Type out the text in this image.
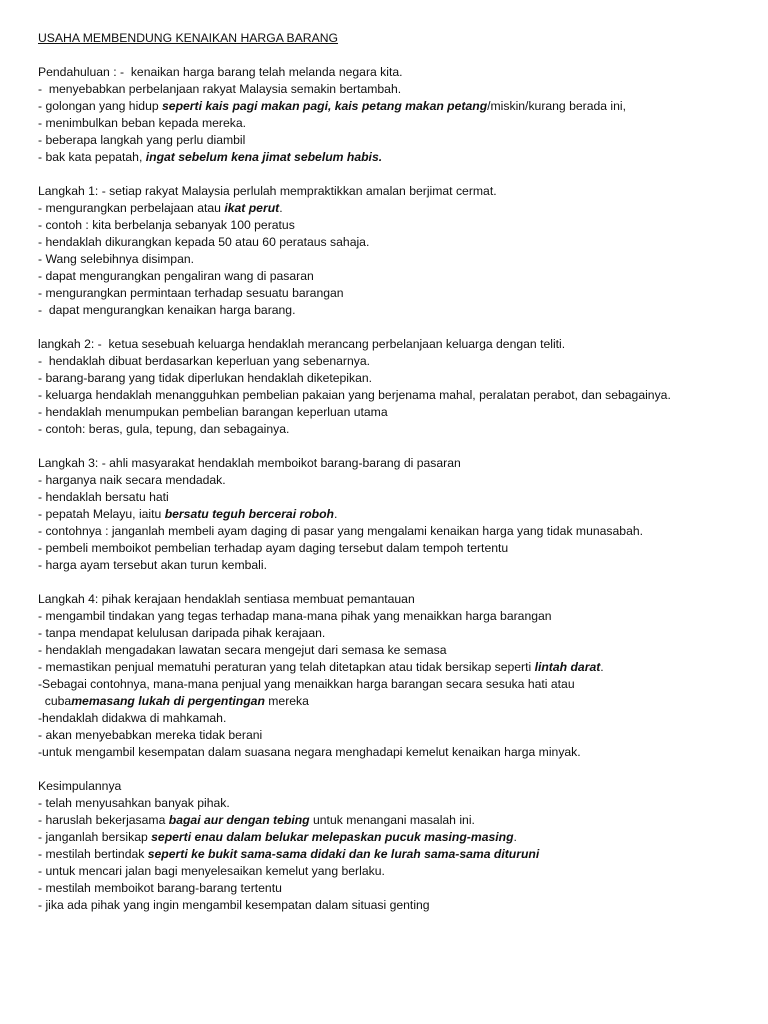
USAHA MEMBENDUNG KENAIKAN HARGA BARANG
Pendahuluan : -  kenaikan harga barang telah melanda negara kita.
-  menyebabkan perbelanjaan rakyat Malaysia semakin bertambah.
- golongan yang hidup seperti kais pagi makan pagi, kais petang makan petang/miskin/kurang berada ini,
- menimbulkan beban kepada mereka.
- beberapa langkah yang perlu diambil
- bak kata pepatah, ingat sebelum kena jimat sebelum habis.
Langkah 1: - setiap rakyat Malaysia perlulah mempraktikkan amalan berjimat cermat.
- mengurangkan perbelajaan atau ikat perut.
- contoh : kita berbelanja sebanyak 100 peratus
- hendaklah dikurangkan kepada 50 atau 60 perataus sahaja.
- Wang selebihnya disimpan.
- dapat mengurangkan pengaliran wang di pasaran
- mengurangkan permintaan terhadap sesuatu barangan
-  dapat mengurangkan kenaikan harga barang.
langkah 2: -  ketua sesebuah keluarga hendaklah merancang perbelanjaan keluarga dengan teliti.
-  hendaklah dibuat berdasarkan keperluan yang sebenarnya.
- barang-barang yang tidak diperlukan hendaklah diketepikan.
- keluarga hendaklah menangguhkan pembelian pakaian yang berjenama mahal, peralatan perabot, dan sebagainya.
- hendaklah menumpukan pembelian barangan keperluan utama
- contoh: beras, gula, tepung, dan sebagainya.
Langkah 3: - ahli masyarakat hendaklah memboikot barang-barang di pasaran
- harganya naik secara mendadak.
- hendaklah bersatu hati
- pepatah Melayu, iaitu bersatu teguh bercerai roboh.
- contohnya : janganlah membeli ayam daging di pasar yang mengalami kenaikan harga yang tidak munasabah.
- pembeli memboikot pembelian terhadap ayam daging tersebut dalam tempoh tertentu
- harga ayam tersebut akan turun kembali.
Langkah 4: pihak kerajaan hendaklah sentiasa membuat pemantauan
- mengambil tindakan yang tegas terhadap mana-mana pihak yang menaikkan harga barangan
- tanpa mendapat kelulusan daripada pihak kerajaan.
- hendaklah mengadakan lawatan secara mengejut dari semasa ke semasa
- memastikan penjual mematuhi peraturan yang telah ditetapkan atau tidak bersikap seperti lintah darat.
-Sebagai contohnya, mana-mana penjual yang menaikkan harga barangan secara sesuka hati atau
cubamemasang lukah di pergentingan mereka
-hendaklah didakwa di mahkamah.
- akan menyebabkan mereka tidak berani
-untuk mengambil kesempatan dalam suasana negara menghadapi kemelut kenaikan harga minyak.
Kesimpulannya
- telah menyusahkan banyak pihak.
- haruslah bekerjasama bagai aur dengan tebing untuk menangani masalah ini.
- janganlah bersikap seperti enau dalam belukar melepaskan pucuk masing-masing.
- mestilah bertindak seperti ke bukit sama-sama didaki dan ke lurah sama-sama dituruni
- untuk mencari jalan bagi menyelesaikan kemelut yang berlaku.
- mestilah memboikot barang-barang tertentu
- jika ada pihak yang ingin mengambil kesempatan dalam situasi genting
